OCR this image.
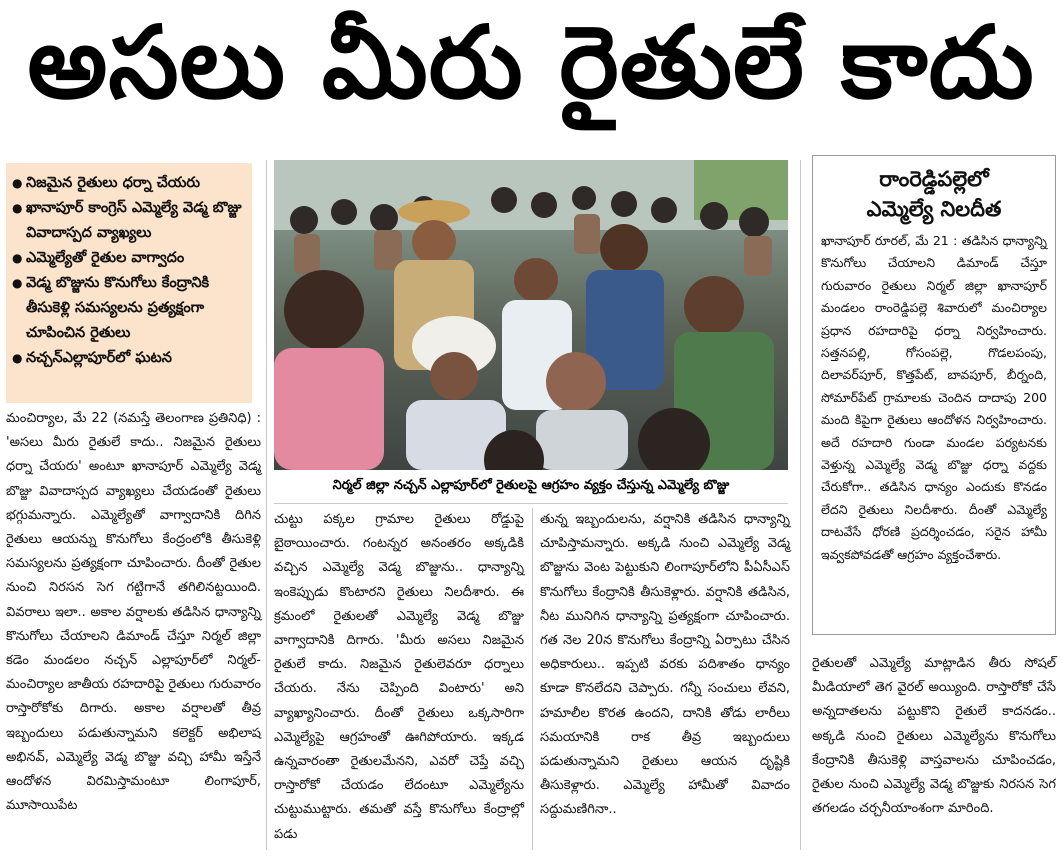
అసలు మీరు రైతులే కాదు
● నిజమైన రైతులు ధర్నా చేయరు
● ఖానాపూర్ కాంగ్రెస్ ఎమ్మెల్యే వెడ్మ బొజ్జు వివాదాస్పద వ్యాఖ్యలు
● ఎమ్మెల్యేతో రైతుల వాగ్వాదం
● వెడ్మ బొజ్జును కొనుగోలు కేంద్రానికి తీసుకెళ్లి సమస్యలను ప్రత్యక్షంగా చూపించిన రైతులు
● నచ్చన్‌ఎల్లాపూర్‌లో ఘటన
నిర్మల్ జిల్లా నచ్చన్ ఎల్లాపూర్‌లో రైతులపై ఆగ్రహం వ్యక్తం చేస్తున్న ఎమ్మెల్యే బొజ్జు
రాంరెడ్డిపల్లెలో
ఎమ్మెల్యే నిలదీత
ఖానాపూర్ రూరల్, మే 21 : తడిసిన ధాన్యాన్ని కొనుగోలు చేయాలని డిమాండ్ చేస్తూ గురువారం రైతులు నిర్మల్ జిల్లా ఖానాపూర్ మండలం రాంరెడ్డిపల్లె శివారులో మంచిర్యాల ప్రధాన రహదారిపై ధర్నా నిర్వహించారు. సత్తనపల్లి, గోసంపల్లె, గొడలపంపు, దిలావర్‌పూర్, కొత్తపేట్, బావపూర్, బీర్నంది, సోమార్‌పేట్ గ్రామాలకు చెందిన దాదాపు 200 మంది కిపైగా రైతులు ఆందోళన నిర్వహించారు. అదే రహదారి గుండా మండల పర్యటనకు వెళ్తున్న ఎమ్మెల్యే వెడ్మ బొజ్జు ధర్నా వద్దకు చేరుకోగా.. తడిసిన ధాన్యం ఎందుకు కొనడం లేదని రైతులు నిలదీశారు. దీంతో ఎమ్మెల్యే దాటవేసే ధోరణి ప్రదర్శించడం, సరైన హామీ ఇవ్వకపోవడతో ఆగ్రహం వ్యక్తంచేశారు.
మంచిర్యాల, మే 22 (నమస్తే తెలంగాణ ప్రతినిధి) : 'అసలు మీరు రైతులే కాదు.. నిజమైన రైతులు ధర్నా చేయరు' అంటూ ఖానాపూర్ ఎమ్మెల్యే వెడ్మ బొజ్జు వివాదాస్పద వ్యాఖ్యలు చేయడంతో రైతులు భగ్గుమన్నారు. ఎమ్మెల్యేతో వాగ్వాదానికి దిగిన రైతులు ఆయన్ను కొనుగోలు కేంద్రంలోకి తీసుకెళ్లి సమస్యలను ప్రత్యక్షంగా చూపించారు. దీంతో రైతుల నుంచి నిరసన సెగ గట్టిగానే తగిలినట్టయింది. వివరాలు ఇలా.. అకాల వర్షాలకు తడిసిన ధాన్యాన్ని కొనుగోలు చేయాలని డిమాండ్ చేస్తూ నిర్మల్ జిల్లా కడెం మండలం నచ్చన్ ఎల్లాపూర్‌లో నిర్మల్-మంచిర్యాల జాతీయ రహదారిపై రైతులు గురువారం రాస్తారోకోకు దిగారు. అకాల వర్షాలతో తీవ్ర ఇబ్బందులు పడుతున్నామని కలెక్టర్ అభిలాష అభినవ్, ఎమ్మెల్యే వెడ్మ బొజ్జు వచ్చి హామీ ఇస్తేనే ఆందోళన విరమిస్తామంటూ లింగాపూర్, మూసాయిపేట
చుట్టు పక్కల గ్రామాల రైతులు రోడ్డుపై బైఠాయించారు. గంటన్నర అనంతరం అక్కడికి వచ్చిన ఎమ్మెల్యే వెడ్మ బొజ్జును.. ధాన్యాన్ని ఇంకెప్పుడు కొంటారని రైతులు నిలదీశారు. ఈ క్రమంలో రైతులతో ఎమ్మెల్యే వెడ్మ బొజ్జు వాగ్వాదానికి దిగారు. 'మీరు అసలు నిజమైన రైతులే కాదు. నిజమైన రైతులెవరూ ధర్నాలు చేయరు. నేను చెప్పింది వింటారు' అని వ్యాఖ్యానించారు. దీంతో రైతులు ఒక్కసారిగా ఎమ్మెల్యేపై ఆగ్రహంతో ఊగిపోయారు. ఇక్కడ ఉన్నవారంతా రైతులమేనని, ఎవరో చెప్తే వచ్చి రాస్తారోకో చేయడం లేదంటూ ఎమ్మెల్యేను చుట్టుముట్టారు. తమతో వస్తే కొనుగోలు కేంద్రాల్లో పడు
తున్న ఇబ్బందులను, వర్షానికి తడిసిన ధాన్యాన్ని చూపిస్తామన్నారు. అక్కడి నుంచి ఎమ్మెల్యే వెడ్మ బొజ్జును వెంట పెట్టుకుని లింగాపూర్‌లోని పీఏసీఎస్ కొనుగోలు కేంద్రానికి తీసుకెళ్లారు. వర్షానికి తడిసిన, నీట మునిగిన ధాన్యాన్ని ప్రత్యక్షంగా చూపించారు. గత నెల 20న కొనుగోలు కేంద్రాన్ని ఏర్పాటు చేసిన అధికారులు.. ఇప్పటి వరకు పదిశాతం ధాన్యం కూడా కొనలేదని చెప్పారు. గన్నీ సంచులు లేవని, హమాలీల కొరత ఉందని, దానికి తోడు లారీలు సమయానికి రాక తీవ్ర ఇబ్బందులు పడుతున్నామని రైతులు ఆయన దృష్టికి తీసుకెళ్లారు. ఎమ్మెల్యే హామీతో వివాదం సద్దుమణిగినా..
రైతులతో ఎమ్మెల్యే మాట్లాడిన తీరు సోషల్ మీడియాలో తెగ వైరల్ అయ్యింది. రాస్తారోకో చేసే అన్నదాతలను పట్టుకొని రైతులే కాదనడం.. అక్కడి నుంచి రైతులు ఎమ్మెల్యేను కొనుగోలు కేంద్రానికి తీసుకెళ్లి వాస్తవాలను చూపించడం, రైతుల నుంచి ఎమ్మెల్యే వెడ్మ బొజ్జుకు నిరసన సెగ తగలడం చర్చనీయాంశంగా మారింది.
